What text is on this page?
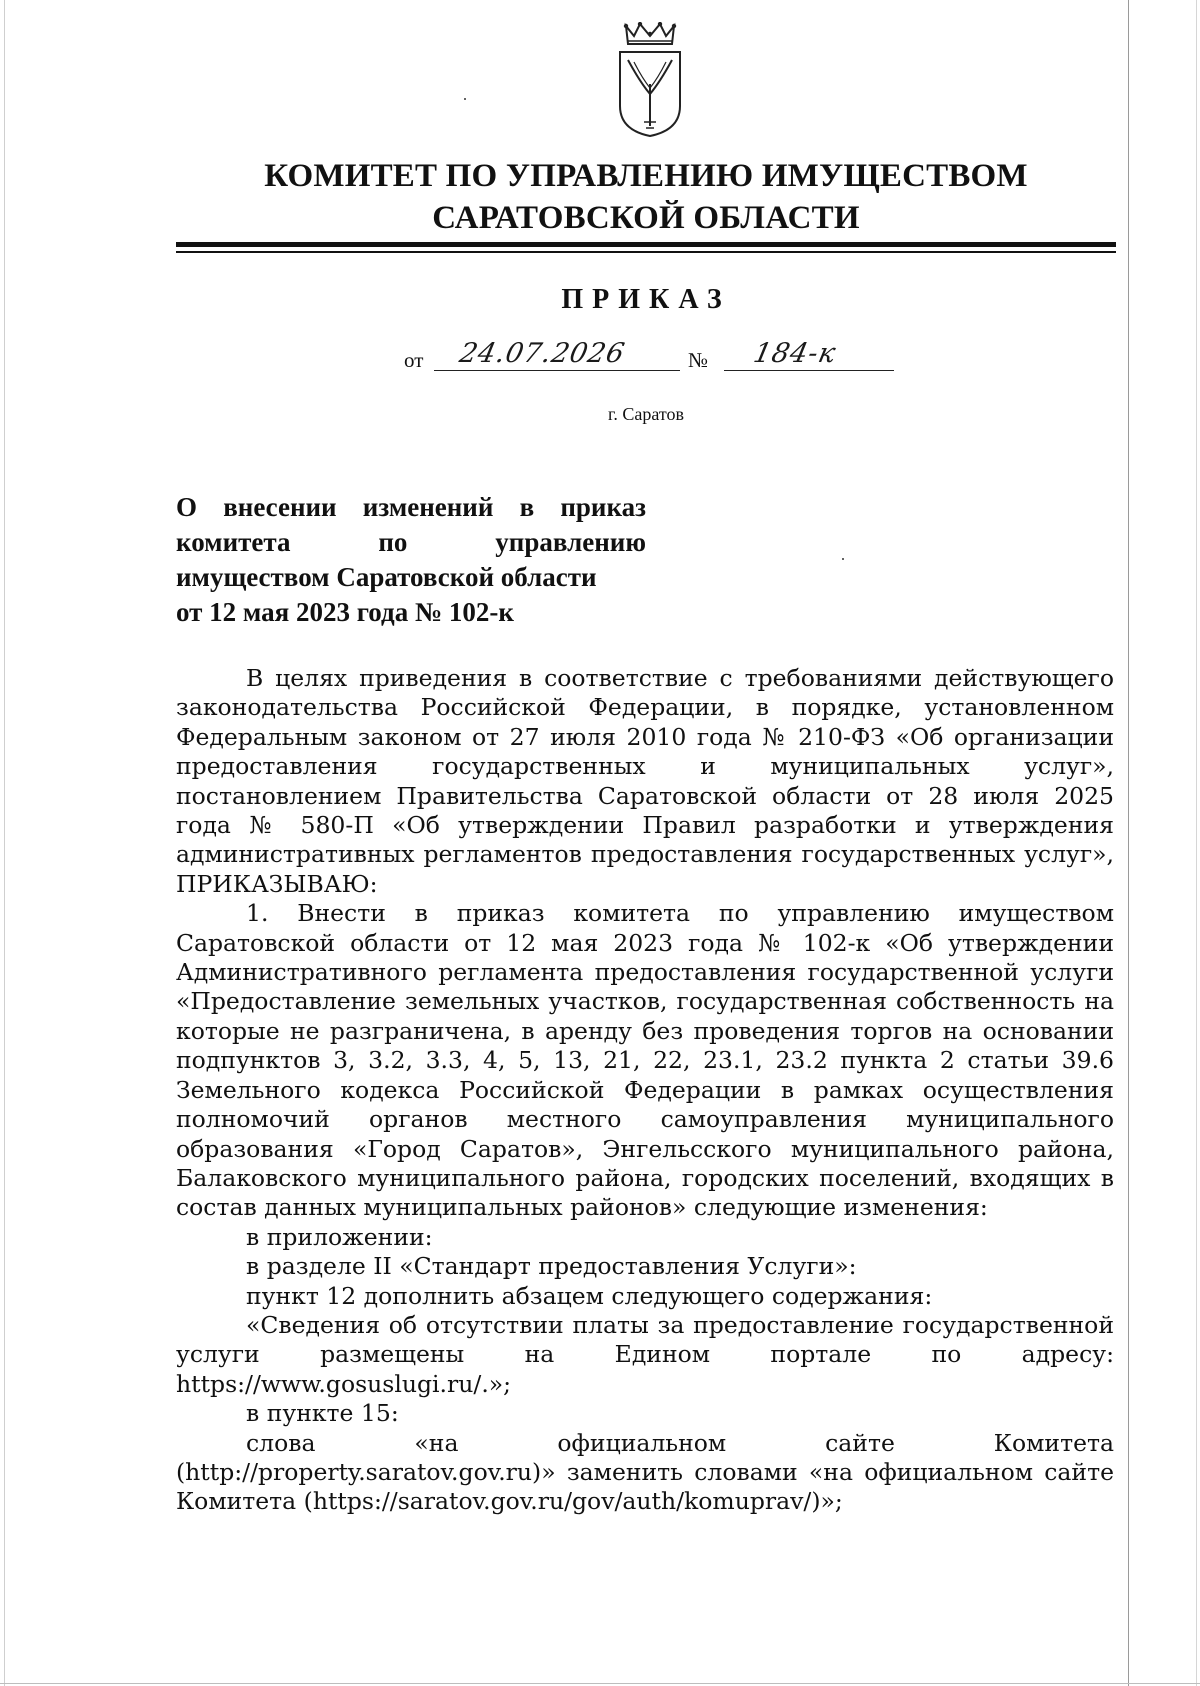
КОМИТЕТ ПО УПРАВЛЕНИЮ ИМУЩЕСТВОМ
САРАТОВСКОЙ ОБЛАСТИ
ПРИКАЗ
от 24.07.2026	№ 184-к
г. Саратов
О внесении изменений в приказ
комитета по управлению
имуществом Саратовской области
от 12 мая 2023 года № 102-к

В целях приведения в соответствие с требованиями действующего законодательства Российской Федерации, в порядке, установленном Федеральным законом от 27 июля 2010 года № 210-ФЗ «Об организации предоставления государственных и муниципальных услуг», постановлением Правительства Саратовской области от 28 июля 2025 года № 580-П «Об утверждении Правил разработки и утверждения административных регламентов предоставления государственных услуг», ПРИКАЗЫВАЮ:

1. Внести в приказ комитета по управлению имуществом Саратовской области от 12 мая 2023 года № 102-к «Об утверждении Административного регламента предоставления государственной услуги «Предоставление земельных участков, государственная собственность на которые не разграничена, в аренду без проведения торгов на основании подпунктов 3, 3.2, 3.3, 4, 5, 13, 21, 22, 23.1, 23.2 пункта 2 статьи 39.6 Земельного кодекса Российской Федерации в рамках осуществления полномочий органов местного самоуправления муниципального образования «Город Саратов», Энгельсского муниципального района, Балаковского муниципального района, городских поселений, входящих в состав данных муниципальных районов» следующие изменения:

в приложении:

в разделе II «Стандарт предоставления Услуги»:

пункт 12 дополнить абзацем следующего содержания:

«Сведения об отсутствии платы за предоставление государственной услуги размещены на Едином портале по адресу: https://www.gosuslugi.ru/.»;

в пункте 15:

слова «на официальном сайте Комитета (http://property.saratov.gov.ru)» заменить словами «на официальном сайте Комитета (https://saratov.gov.ru/gov/auth/komuprav/)»;
